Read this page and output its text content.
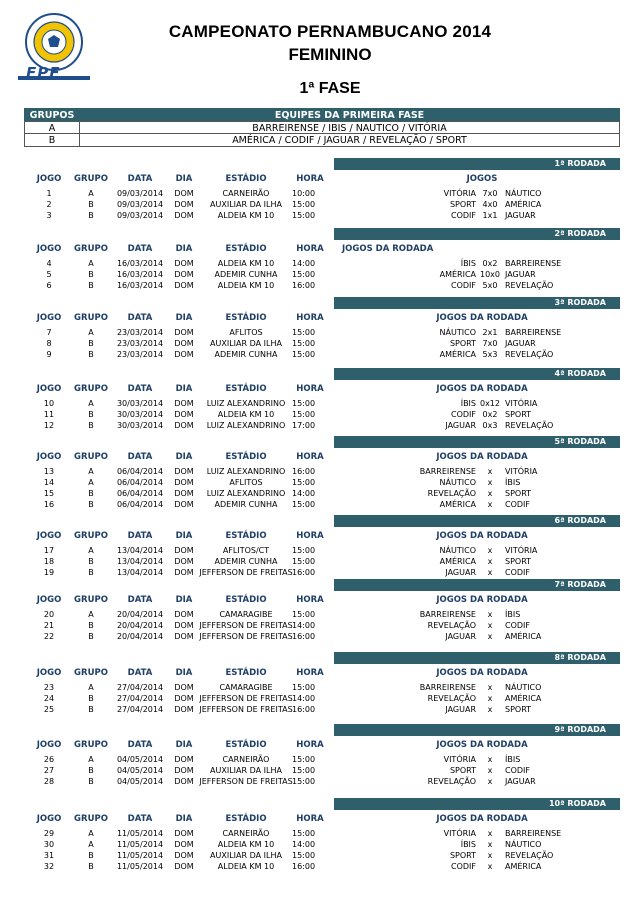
FPF
CAMPEONATO PERNAMBUCANO 2014
FEMININO
1ª FASE
GRUPOS	EQUIPES DA PRIMEIRA FASE
A	BARREIRENSE / IBIS / NAUTICO / VITÓRIA
B	AMÉRICA / CODIF / JAGUAR / REVELAÇÃO / SPORT
1ª RODADA
JOGO	GRUPO	DATA	DIA	ESTÁDIO	HORA	JOGOS
1	A	09/03/2014	DOM	CARNEIRÃO	10:00	VITÓRIA 7x0 NÁUTICO
2	B	09/03/2014	DOM	AUXILIAR DA ILHA	15:00	SPORT 4x0 AMÉRICA
3	B	09/03/2014	DOM	ALDEIA KM 10	15:00	CODIF 1x1 JAGUAR
2ª RODADA
JOGO	GRUPO	DATA	DIA	ESTÁDIO	HORA	JOGOS DA RODADA
4	A	16/03/2014	DOM	ALDEIA KM 10	14:00	ÍBIS 0x2 BARREIRENSE
5	B	16/03/2014	DOM	ADEMIR CUNHA	15:00	AMÉRICA 10x0 JAGUAR
6	B	16/03/2014	DOM	ALDEIA KM 10	16:00	CODIF 5x0 REVELAÇÃO
3ª RODADA
JOGO	GRUPO	DATA	DIA	ESTÁDIO	HORA	JOGOS DA RODADA
7	A	23/03/2014	DOM	AFLITOS	15:00	NÁUTICO 2x1 BARREIRENSE
8	B	23/03/2014	DOM	AUXILIAR DA ILHA	15:00	SPORT 7x0 JAGUAR
9	B	23/03/2014	DOM	ADEMIR CUNHA	15:00	AMÉRICA 5x3 REVELAÇÃO
4ª RODADA
JOGO	GRUPO	DATA	DIA	ESTÁDIO	HORA	JOGOS DA RODADA
10	A	30/03/2014	DOM	LUIZ ALEXANDRINO 15:00	ÍBIS 0x12 VITÓRIA
11	B	30/03/2014	DOM	ALDEIA KM 10	15:00	CODIF 0x2 SPORT
12	B	30/03/2014	DOM	LUIZ ALEXANDRINO 17:00	JAGUAR 0x3 REVELAÇÃO
5ª RODADA
JOGO	GRUPO	DATA	DIA	ESTÁDIO	HORA	JOGOS DA RODADA
13	A	06/04/2014	DOM	LUIZ ALEXANDRINO 16:00	BARREIRENSE	x	VITÓRIA
14	A	06/04/2014	DOM	AFLITOS	15:00	NÁUTICO	x	ÍBIS
15	B	06/04/2014	DOM	LUIZ ALEXANDRINO 14:00	REVELAÇÃO	x	SPORT
16	B	06/04/2014	DOM	ADEMIR CUNHA	15:00	AMÉRICA	x	CODIF
6ª RODADA
JOGO	GRUPO	DATA	DIA	ESTÁDIO	HORA	JOGOS DA RODADA
17	A	13/04/2014	DOM	AFLITOS/CT	15:00	NÁUTICO	x	VITÓRIA
18	B	13/04/2014	DOM	ADEMIR CUNHA	15:00	AMÉRICA	x	SPORT
19	B	13/04/2014	DOM JEFFERSON DE FREITAS 16:00	JAGUAR	x	CODIF
7ª RODADA
JOGO	GRUPO	DATA	DIA	ESTÁDIO	HORA	JOGOS DA RODADA
20	A	20/04/2014	DOM	CAMARAGIBE	15:00	BARREIRENSE	x	ÍBIS
21	B	20/04/2014	DOM JEFFERSON DE FREITAS 14:00	REVELAÇÃO	x	CODIF
22	B	20/04/2014	DOM JEFFERSON DE FREITAS 16:00	JAGUAR	x	AMÉRICA
8ª RODADA
JOGO	GRUPO	DATA	DIA	ESTÁDIO	HORA	JOGOS DA RODADA
23	A	27/04/2014	DOM	CAMARAGIBE	15:00	BARREIRENSE	x	NÁUTICO
24	B	27/04/2014	DOM JEFFERSON DE FREITAS 14:00	REVELAÇÃO	x	AMÉRICA
25	B	27/04/2014	DOM JEFFERSON DE FREITAS 16:00	JAGUAR	x	SPORT
9ª RODADA
JOGO	GRUPO	DATA	DIA	ESTÁDIO	HORA	JOGOS DA RODADA
26	A	04/05/2014	DOM	CARNEIRÃO	15:00	VITÓRIA	x	ÍBIS
27	B	04/05/2014	DOM	AUXILIAR DA ILHA	15:00	SPORT	x	CODIF
28	B	04/05/2014	DOM JEFFERSON DE FREITAS 15:00	REVELAÇÃO	x	JAGUAR
10ª RODADA
JOGO	GRUPO	DATA	DIA	ESTÁDIO	HORA	JOGOS DA RODADA
29	A	11/05/2014	DOM	CARNEIRÃO	15:00	VITÓRIA	x	BARREIRENSE
30	A	11/05/2014	DOM	ALDEIA KM 10	14:00	ÍBIS	x	NÁUTICO
31	B	11/05/2014	DOM	AUXILIAR DA ILHA	15:00	SPORT	x	REVELAÇÃO
32	B	11/05/2014	DOM	ALDEIA KM 10	16:00	CODIF	x	AMÉRICA
